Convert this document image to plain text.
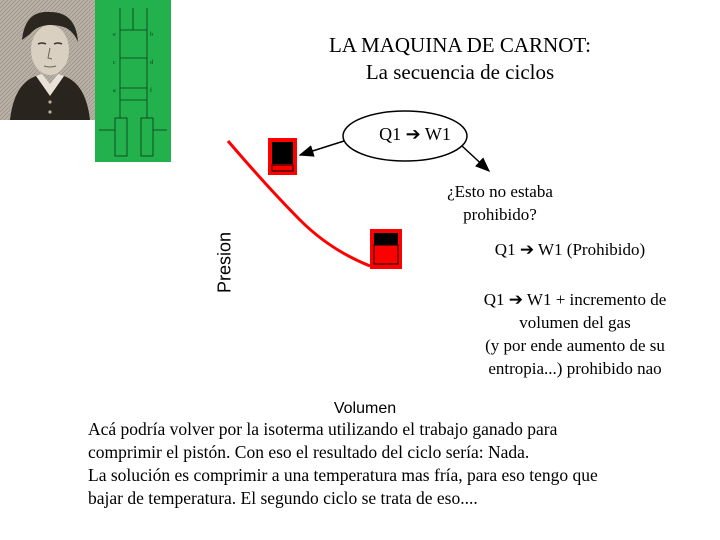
e	b
c	d
a	f
LA MAQUINA DE CARNOT:
La secuencia de ciclos
Presion
Volumen
Q1 ➔ W1
¿Esto no estaba
prohibido?
Q1 ➔ W1 (Prohibido)
Q1 ➔ W1 + incremento de
volumen del gas
(y por ende aumento de su
entropia...) prohibido nao
Acá podría volver por la isoterma utilizando el trabajo ganado para
comprimir el pistón. Con eso el resultado del ciclo sería: Nada.
La solución es comprimir a una temperatura mas fría, para eso tengo que
bajar de temperatura. El segundo ciclo se trata de eso....
